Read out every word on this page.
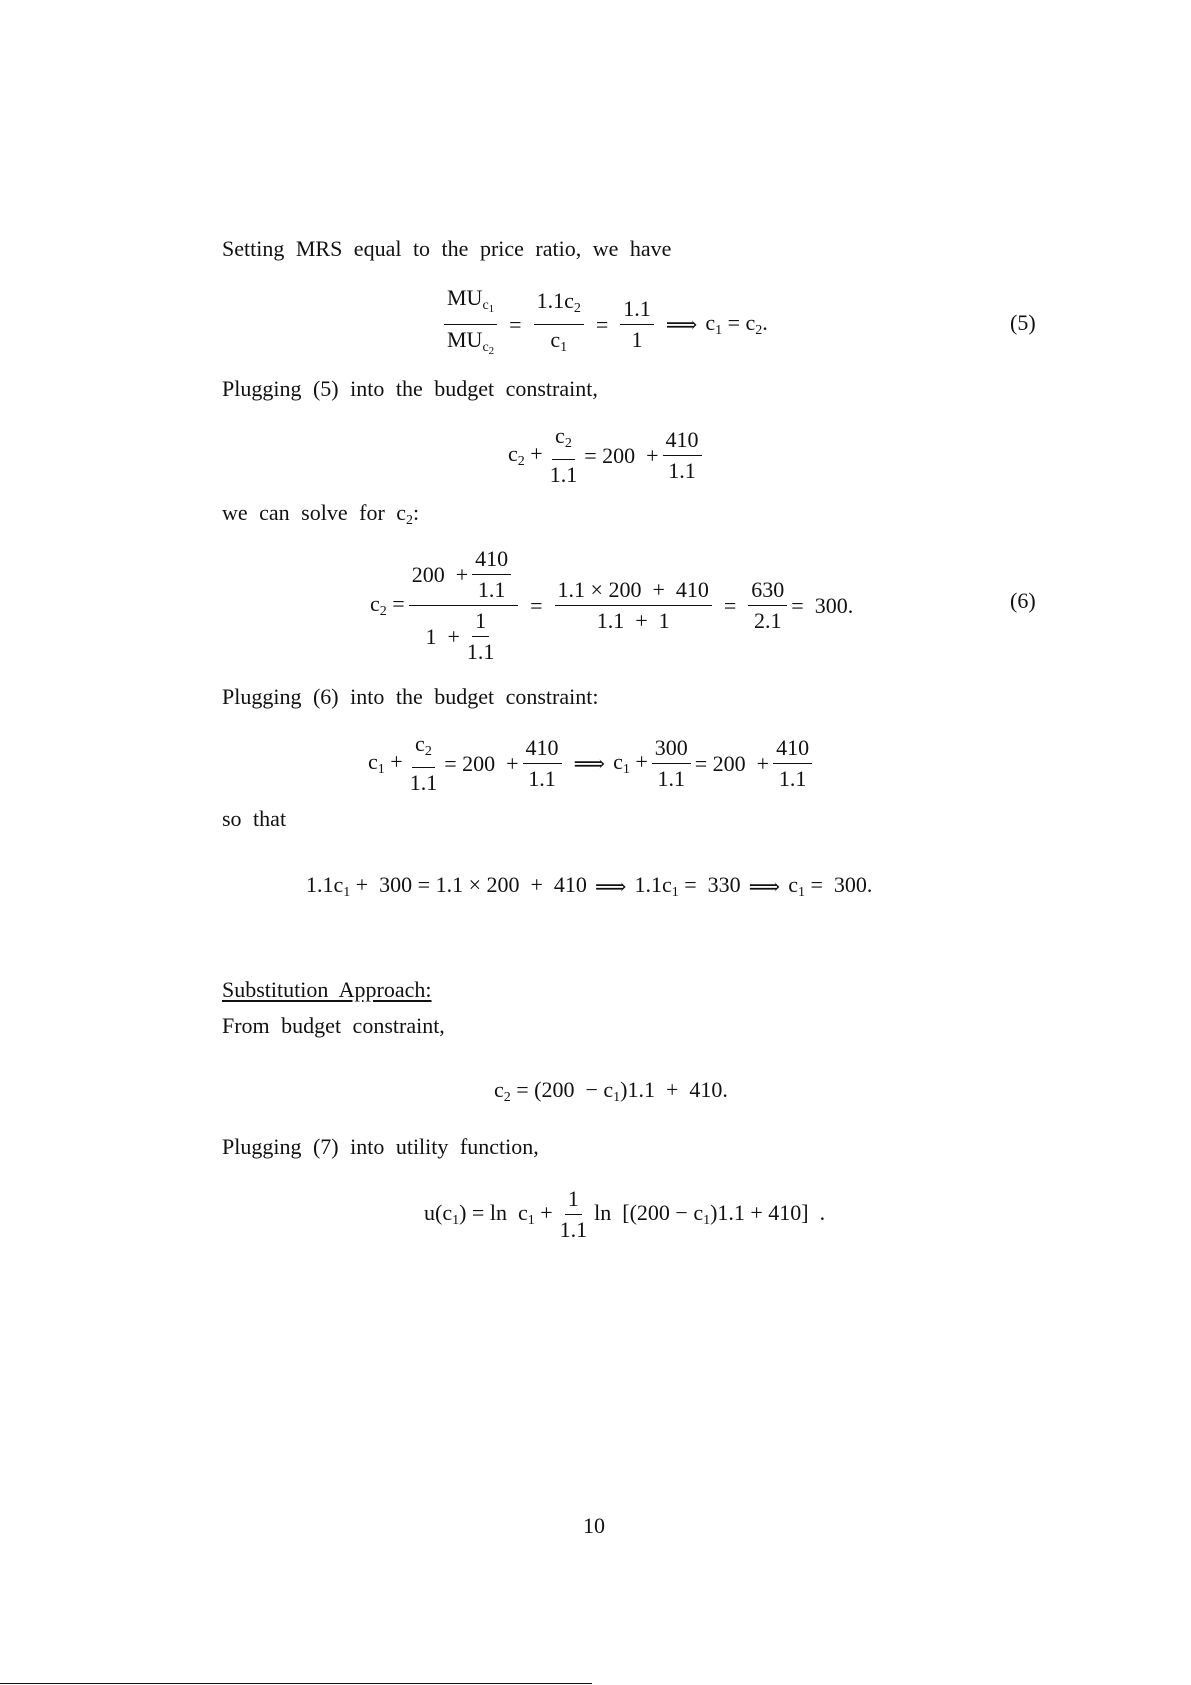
Setting MRS equal to the price ratio, we have
$\frac{MU_{c_1}}{MU_{c_2}} = \frac{1.1c_2}{c_1} = \frac{1.1}{1}$ ⟹ $c_1 = c_2$.	(5)
Plugging (5) into the budget constraint,
$c_2 + \frac{c_2}{1.1} = 200 + \frac{410}{1.1}$
we can solve for $c_2$:
$c_2 = \frac{200 + \frac{410}{1.1}}{1 + \frac{1}{1.1}} = \frac{1.1 \times 200 + 410}{1.1 + 1} = \frac{630}{2.1} = 300$.	(6)
Plugging (6) into the budget constraint:
$c_1 + \frac{c_2}{1.1} = 200 + \frac{410}{1.1}$ ⟹ $c_1 + \frac{300}{1.1} = 200 + \frac{410}{1.1}$
so that
$1.1c_1 + 300 = 1.1 \times 200 + 410$ ⟹ $1.1c_1 = 330$ ⟹ $c_1 = 300$.
Substitution Approach:
From budget constraint,
$c_2 = (200 - c_1)1.1 + 410$.
Plugging (7) into utility function,
$u(c_1) = \ln c_1 + \frac{1}{1.1}$ $\ln [(200 - c_1)1.1 + 410]$  .
10
